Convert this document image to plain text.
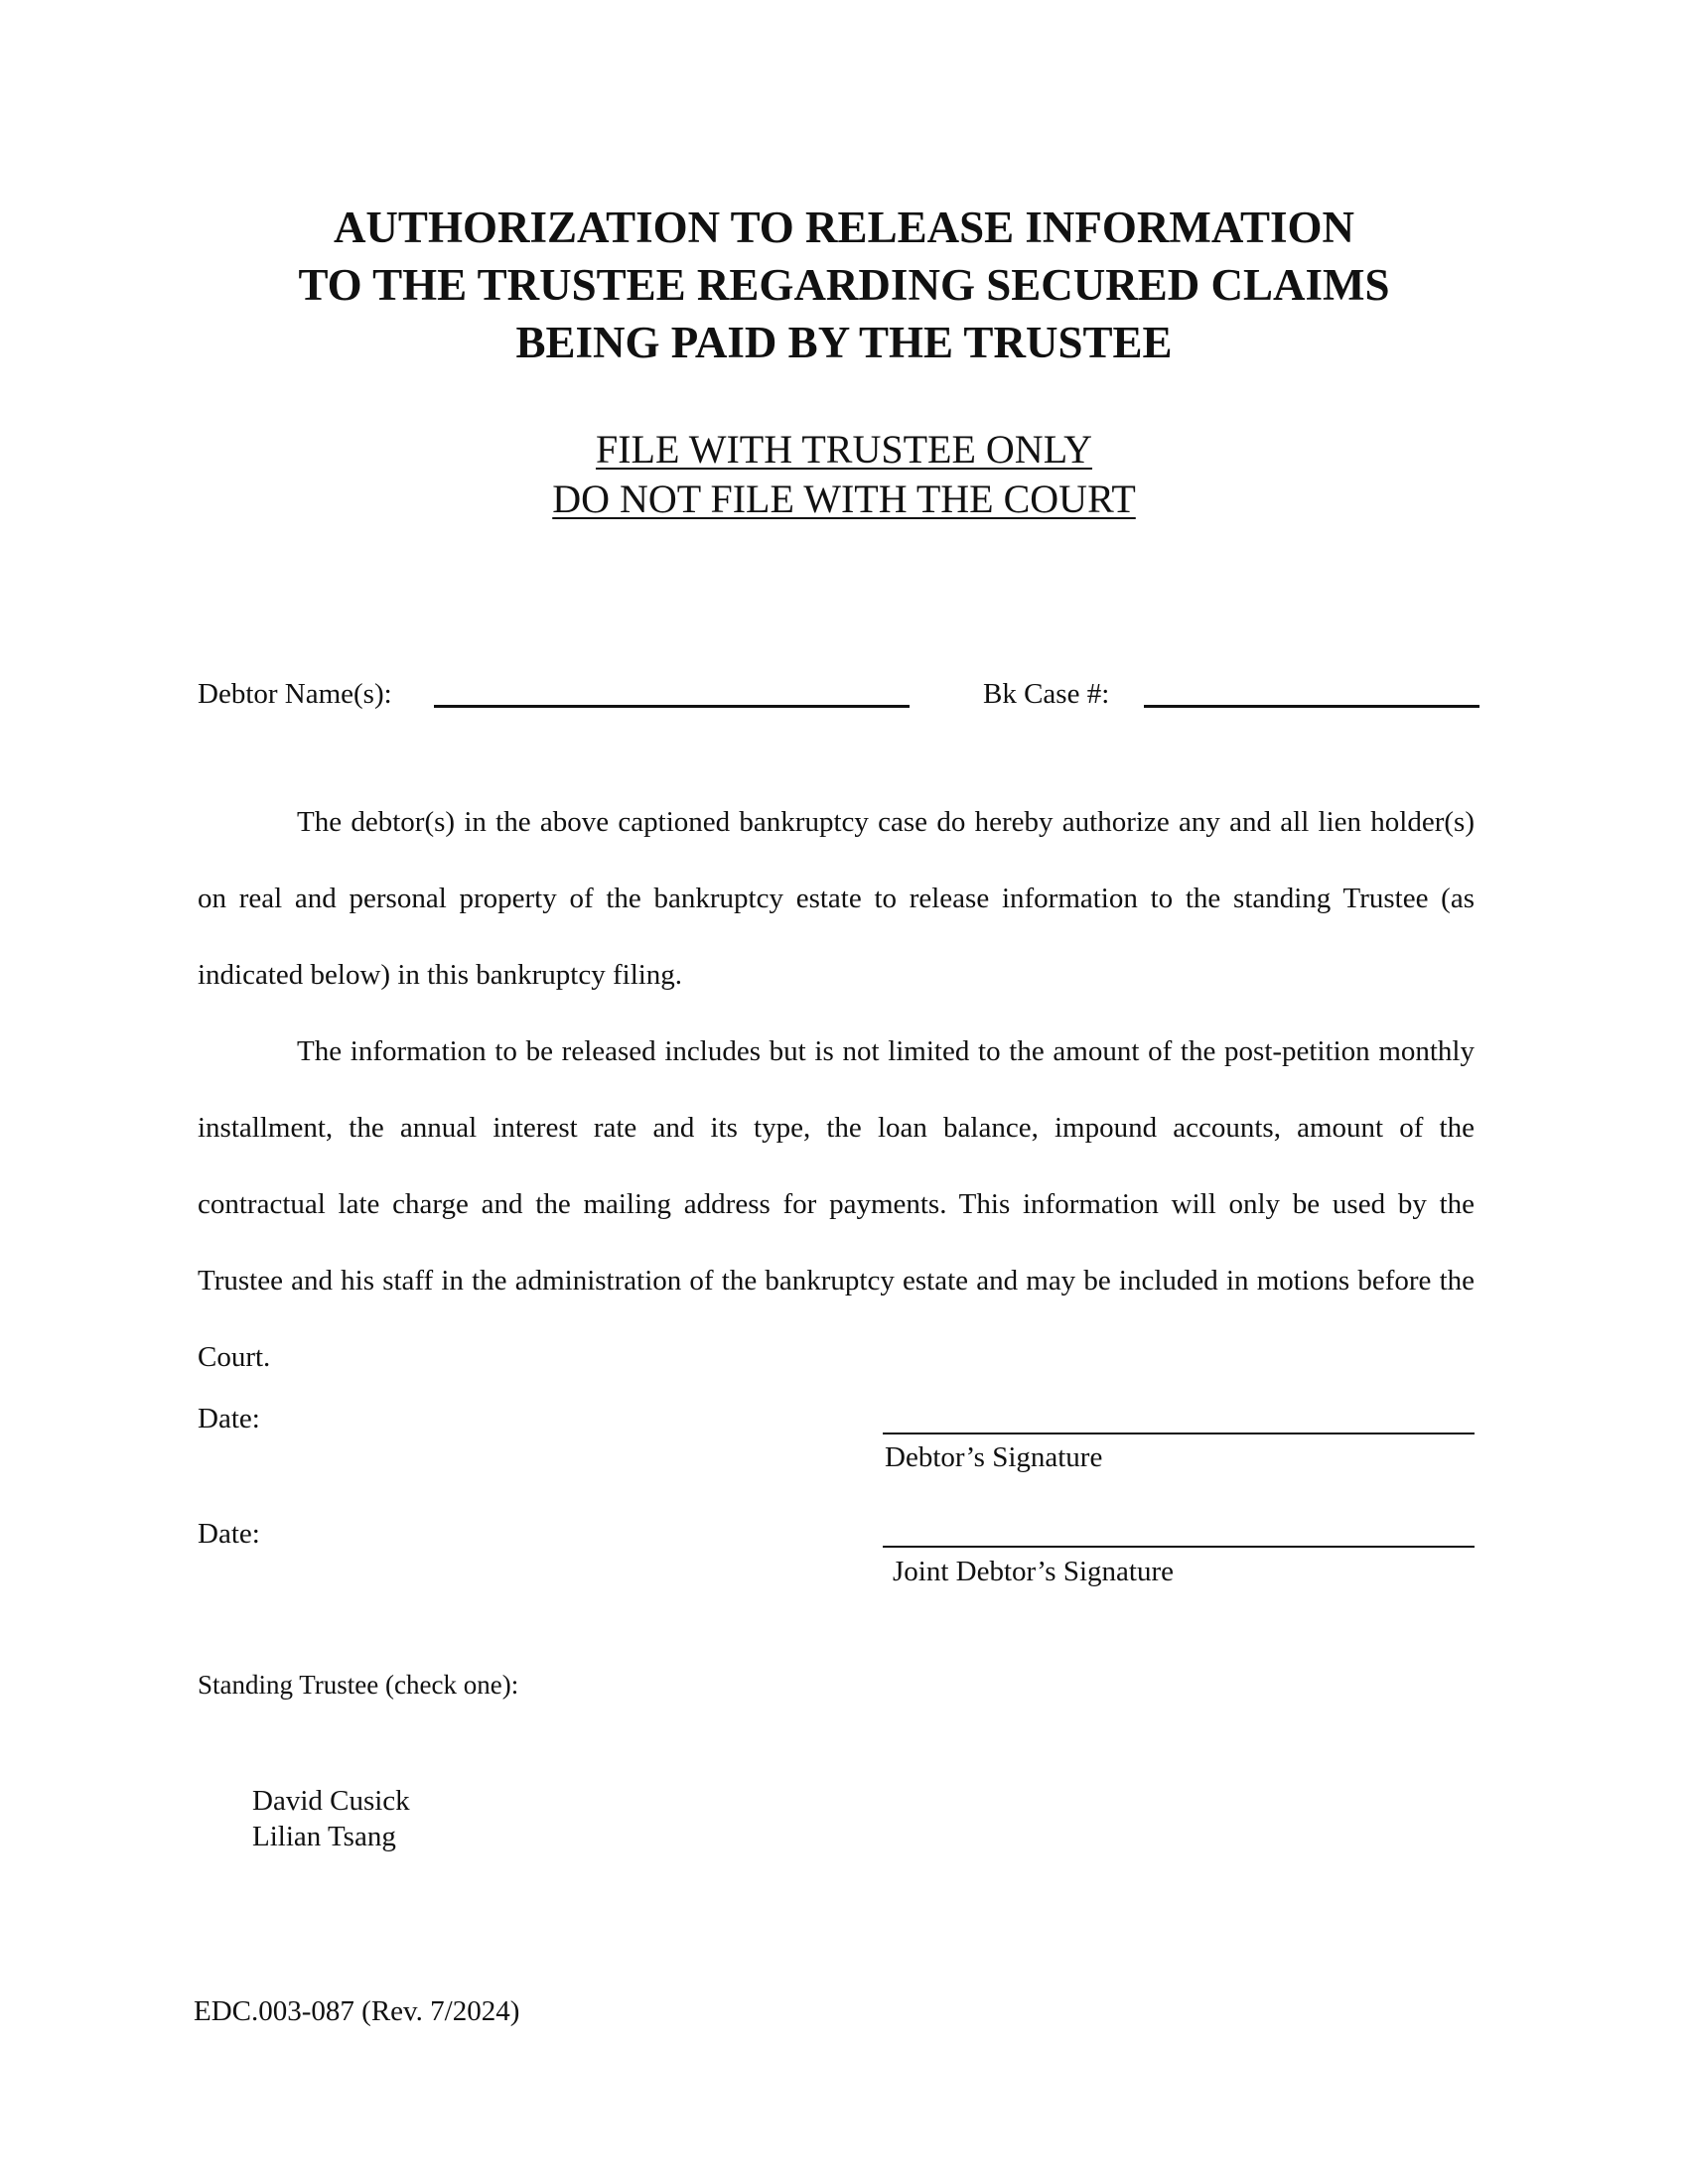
AUTHORIZATION TO RELEASE INFORMATION
TO THE TRUSTEE REGARDING SECURED CLAIMS
BEING PAID BY THE TRUSTEE
FILE WITH TRUSTEE ONLY
DO NOT FILE WITH THE COURT
Debtor Name(s):	Bk Case #:

The debtor(s) in the above captioned bankruptcy case do hereby authorize any and all lien holder(s) on real and personal property of the bankruptcy estate to release information to the standing Trustee (as indicated below) in this bankruptcy filing.

The information to be released includes but is not limited to the amount of the post-petition monthly installment, the annual interest rate and its type, the loan balance, impound accounts, amount of the contractual late charge and the mailing address for payments. This information will only be used by the Trustee and his staff in the administration of the bankruptcy estate and may be included in motions before the Court.

Date:
Debtor’s Signature
Date:
Joint Debtor’s Signature
Standing Trustee (check one):
David Cusick
Lilian Tsang
EDC.003-087 (Rev. 7/2024)
